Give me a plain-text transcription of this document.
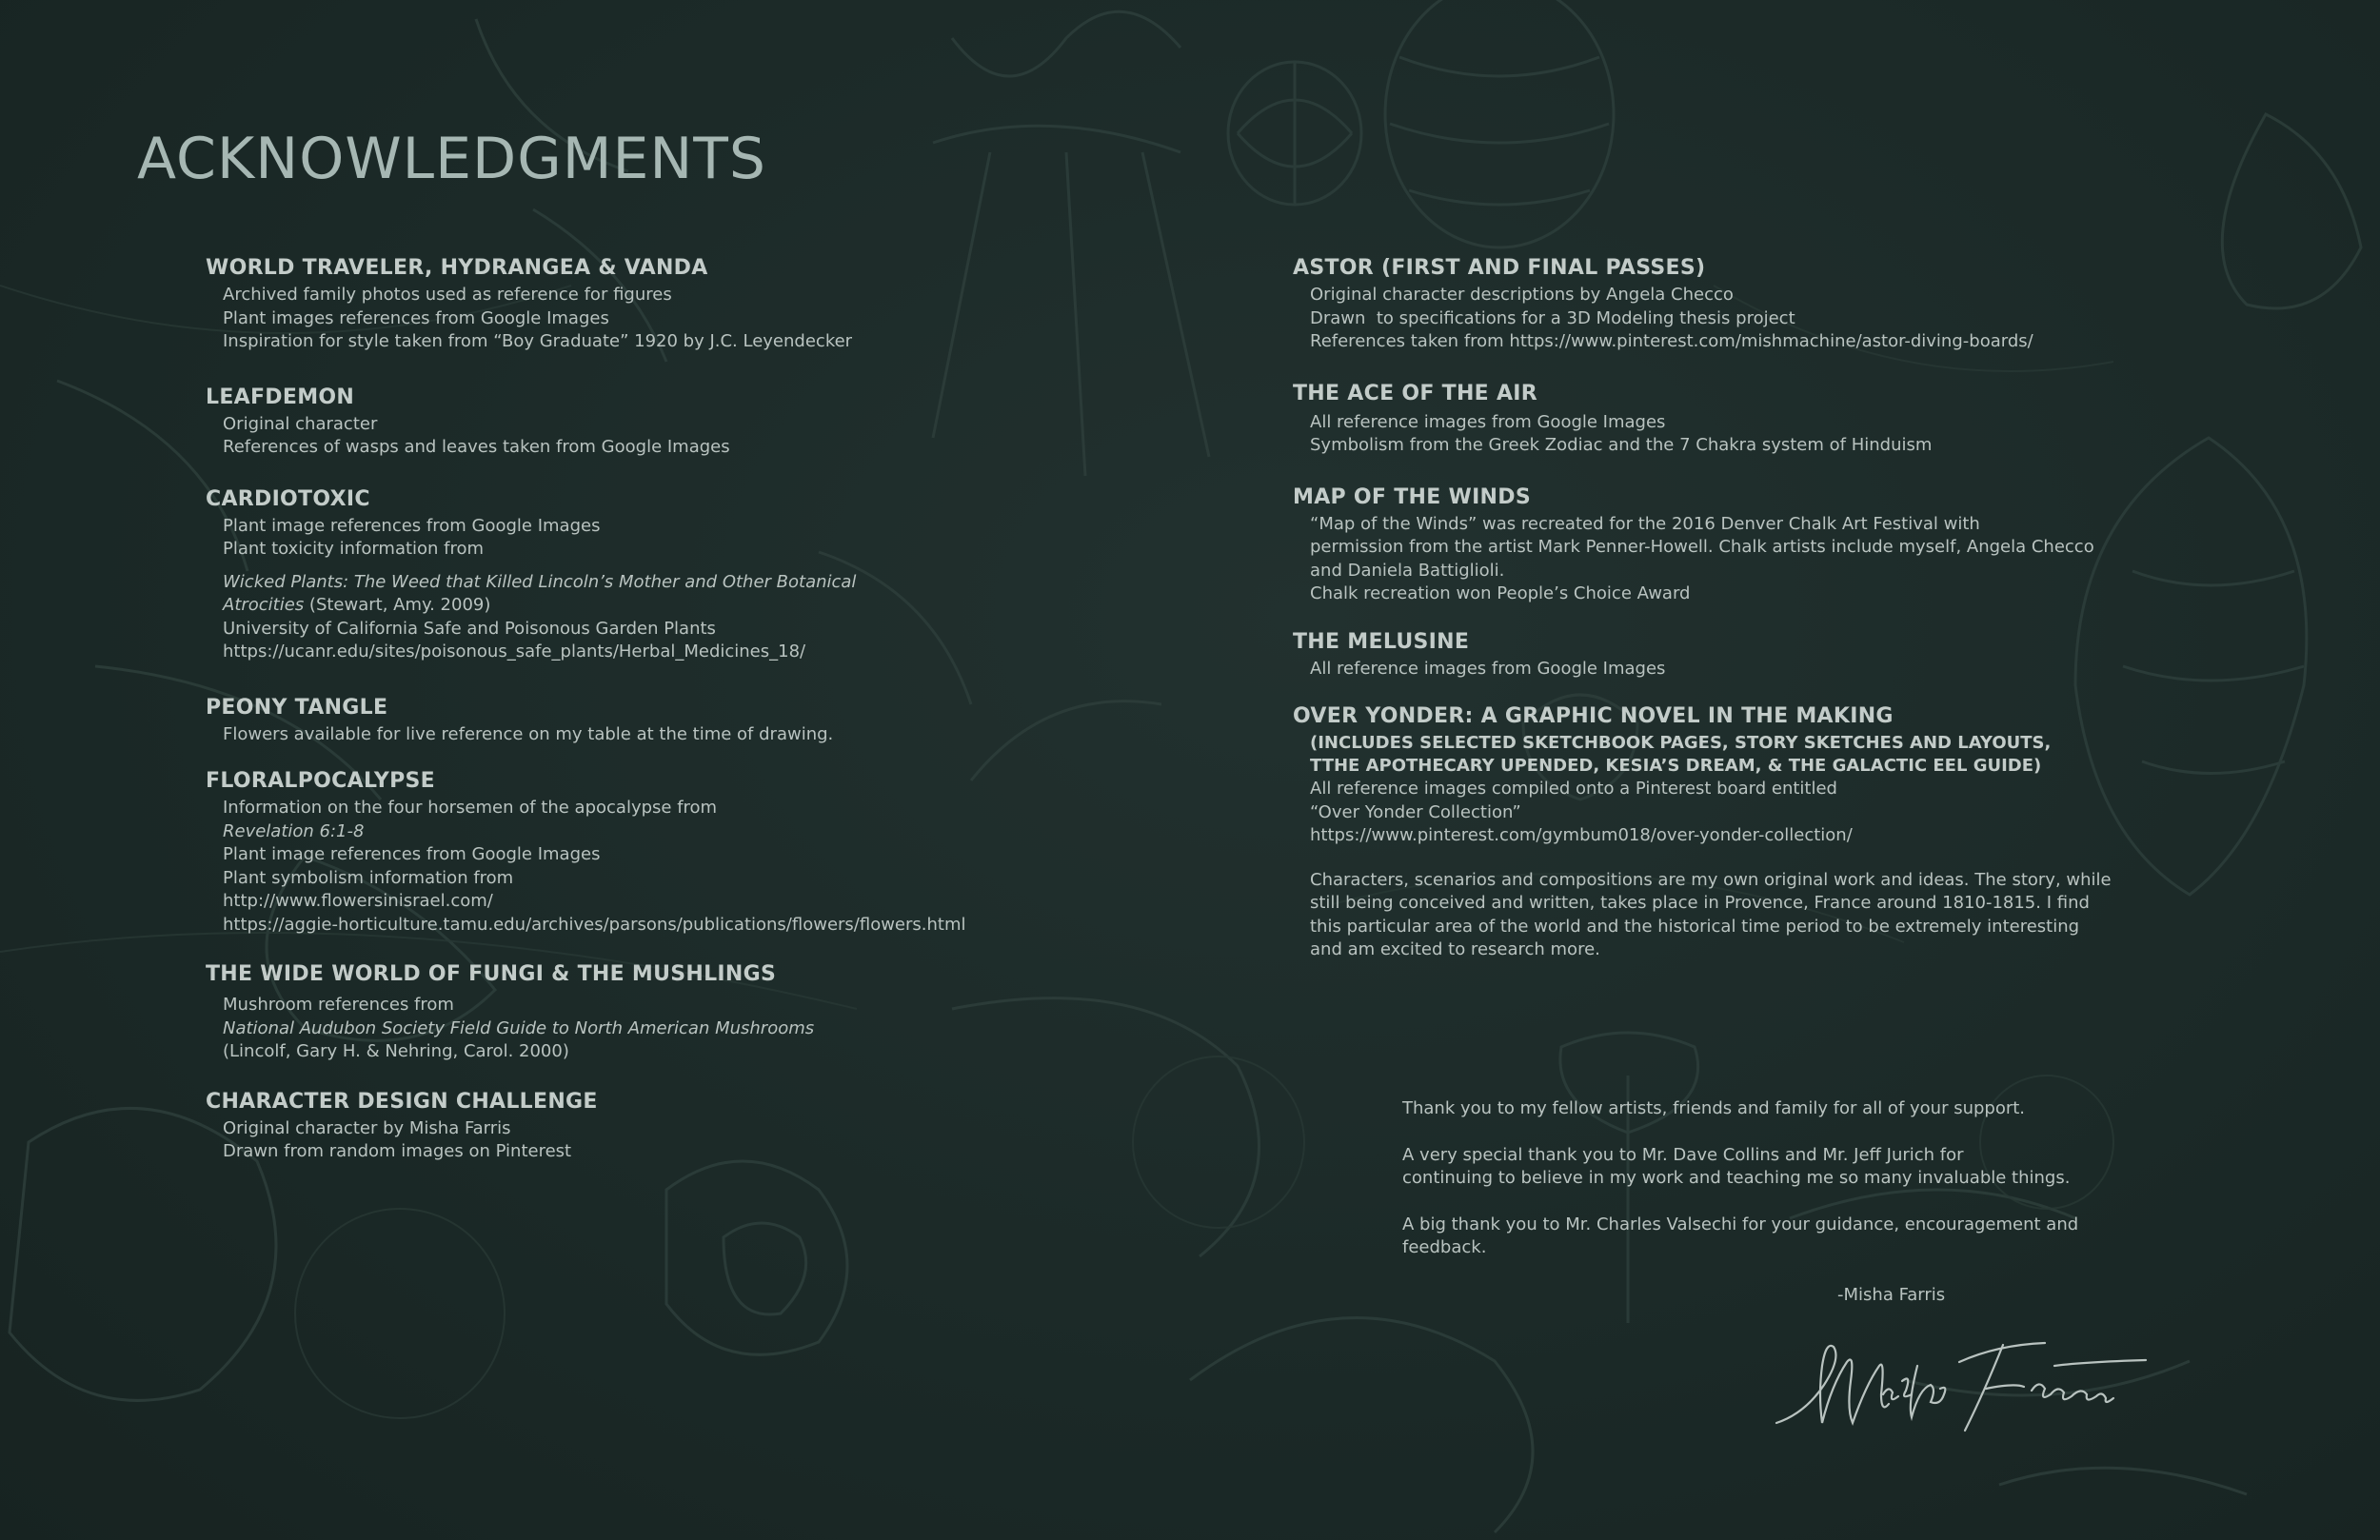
ACKNOWLEDGMENTS
WORLD TRAVELER, HYDRANGEA & VANDA

Archived family photos used as reference for figures

Plant images references from Google Images

Inspiration for style taken from “Boy Graduate” 1920 by J.C. Leyendecker

LEAFDEMON

Original character

References of wasps and leaves taken from Google Images

CARDIOTOXIC

Plant image references from Google Images

Plant toxicity information from

Wicked Plants: The Weed that Killed Lincoln’s Mother and Other Botanical

Atrocities (Stewart, Amy. 2009)

University of California Safe and Poisonous Garden Plants

https://ucanr.edu/sites/poisonous_safe_plants/Herbal_Medicines_18/

PEONY TANGLE

Flowers available for live reference on my table at the time of drawing.

FLORALPOCALYPSE

Information on the four horsemen of the apocalypse from

Revelation 6:1-8

Plant image references from Google Images

Plant symbolism information from

http://www.flowersinisrael.com/

https://aggie-horticulture.tamu.edu/archives/parsons/publications/flowers/flowers.html

THE WIDE WORLD OF FUNGI & THE MUSHLINGS

Mushroom references from

National Audubon Society Field Guide to North American Mushrooms

(Lincolf, Gary H. & Nehring, Carol. 2000)

CHARACTER DESIGN CHALLENGE

Original character by Misha Farris

Drawn from random images on Pinterest

ASTOR (FIRST AND FINAL PASSES)

Original character descriptions by Angela Checco

Drawn  to specifications for a 3D Modeling thesis project

References taken from https://www.pinterest.com/mishmachine/astor-diving-boards/

THE ACE OF THE AIR

All reference images from Google Images

Symbolism from the Greek Zodiac and the 7 Chakra system of Hinduism

MAP OF THE WINDS

“Map of the Winds” was recreated for the 2016 Denver Chalk Art Festival with

permission from the artist Mark Penner-Howell. Chalk artists include myself, Angela Checco

and Daniela Battiglioli.

Chalk recreation won People’s Choice Award

THE MELUSINE

All reference images from Google Images

OVER YONDER: A GRAPHIC NOVEL IN THE MAKING

(INCLUDES SELECTED SKETCHBOOK PAGES, STORY SKETCHES AND LAYOUTS,

TTHE APOTHECARY UPENDED, KESIA’S DREAM, & THE GALACTIC EEL GUIDE)

All reference images compiled onto a Pinterest board entitled

“Over Yonder Collection”

https://www.pinterest.com/gymbum018/over-yonder-collection/

Characters, scenarios and compositions are my own original work and ideas. The story, while

still being conceived and written, takes place in Provence, France around 1810-1815. I find

this particular area of the world and the historical time period to be extremely interesting

and am excited to research more.

Thank you to my fellow artists, friends and family for all of your support.

A very special thank you to Mr. Dave Collins and Mr. Jeff Jurich for
continuing to believe in my work and teaching me so many invaluable things.

A big thank you to Mr. Charles Valsechi for your guidance, encouragement and
feedback.

-Misha Farris
